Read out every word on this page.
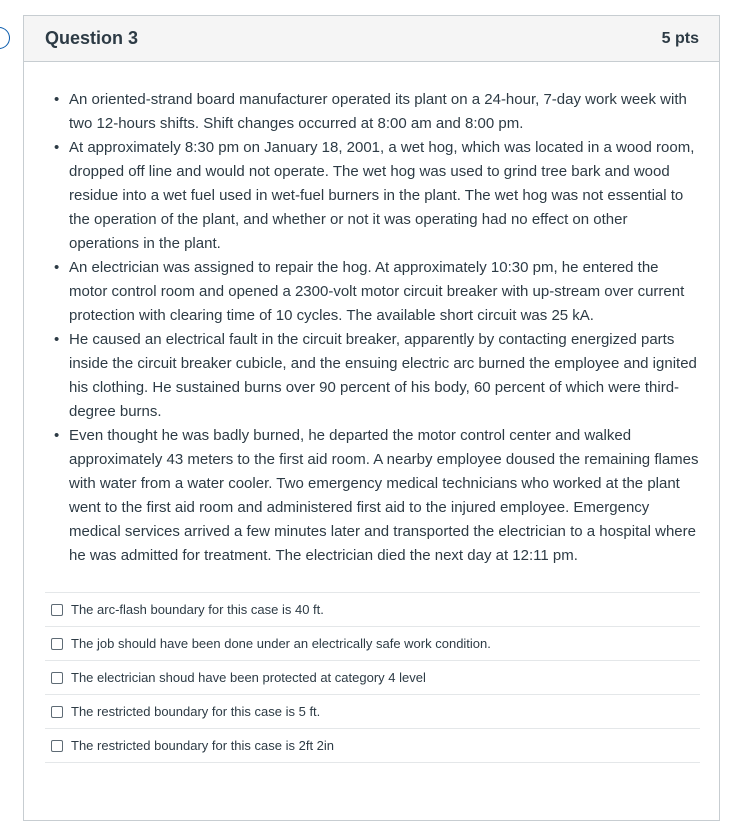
Question 3	5 pts
• An oriented-strand board manufacturer operated its plant on a 24-hour, 7-day work week with two 12-hours shifts. Shift changes occurred at 8:00 am and 8:00 pm.
• At approximately 8:30 pm on January 18, 2001, a wet hog, which was located in a wood room, dropped off line and would not operate. The wet hog was used to grind tree bark and wood residue into a wet fuel used in wet-fuel burners in the plant. The wet hog was not essential to the operation of the plant, and whether or not it was operating had no effect on other operations in the plant.
• An electrician was assigned to repair the hog. At approximately 10:30 pm, he entered the motor control room and opened a 2300-volt motor circuit breaker with up-stream over current protection with clearing time of 10 cycles. The available short circuit was 25 kA.
• He caused an electrical fault in the circuit breaker, apparently by contacting energized parts inside the circuit breaker cubicle, and the ensuing electric arc burned the employee and ignited his clothing. He sustained burns over 90 percent of his body, 60 percent of which were third-degree burns.
• Even thought he was badly burned, he departed the motor control center and walked approximately 43 meters to the first aid room. A nearby employee doused the remaining flames with water from a water cooler. Two emergency medical technicians who worked at the plant went to the first aid room and administered first aid to the injured employee. Emergency medical services arrived a few minutes later and transported the electrician to a hospital where he was admitted for treatment. The electrician died the next day at 12:11 pm.
The arc-flash boundary for this case is 40 ft.
The job should have been done under an electrically safe work condition.
The electrician shoud have been protected at category 4 level
The restricted boundary for this case is 5 ft.
The restricted boundary for this case is 2ft 2in
